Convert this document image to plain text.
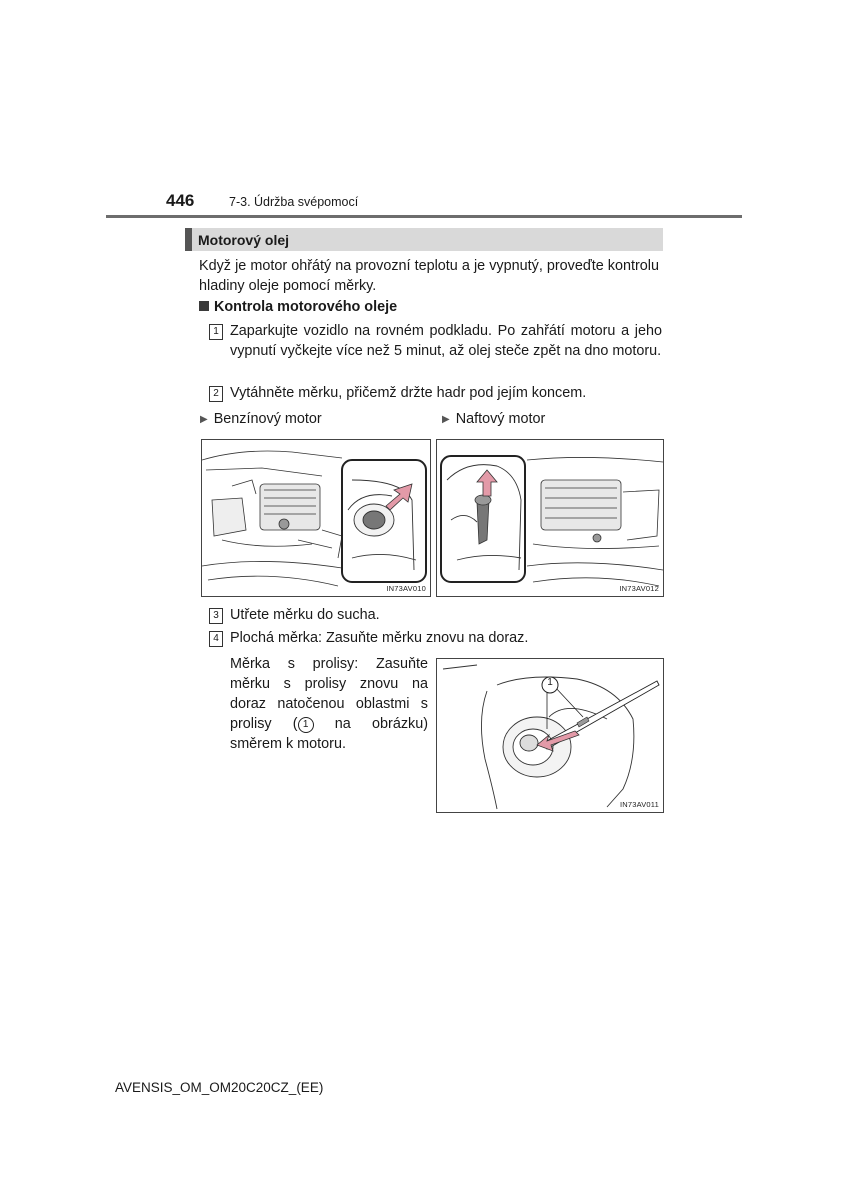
446	7-3. Údržba svépomocí
Motorový olej
Když je motor ohřátý na provozní teplotu a je vypnutý, proveďte kontrolu hladiny oleje pomocí měrky.
Kontrola motorového oleje
1 Zaparkujte vozidlo na rovném podkladu. Po zahřátí motoru a jeho vypnutí vyčkejte více než 5 minut, až olej steče zpět na dno motoru.
2 Vytáhněte měrku, přičemž držte hadr pod jejím koncem.
▶ Benzínový motor	▶ Naftový motor
IN73AV010	IN73AV012
3 Utřete měrku do sucha.
4 Plochá měrka: Zasuňte měrku znovu na doraz.
Měrka s prolisy: Zasuňte měrku s prolisy znovu na doraz natočenou oblastmi s prolisy ( 1 na obrázku) směrem k motoru.
1
IN73AV011
AVENSIS_OM_OM20C20CZ_(EE)
